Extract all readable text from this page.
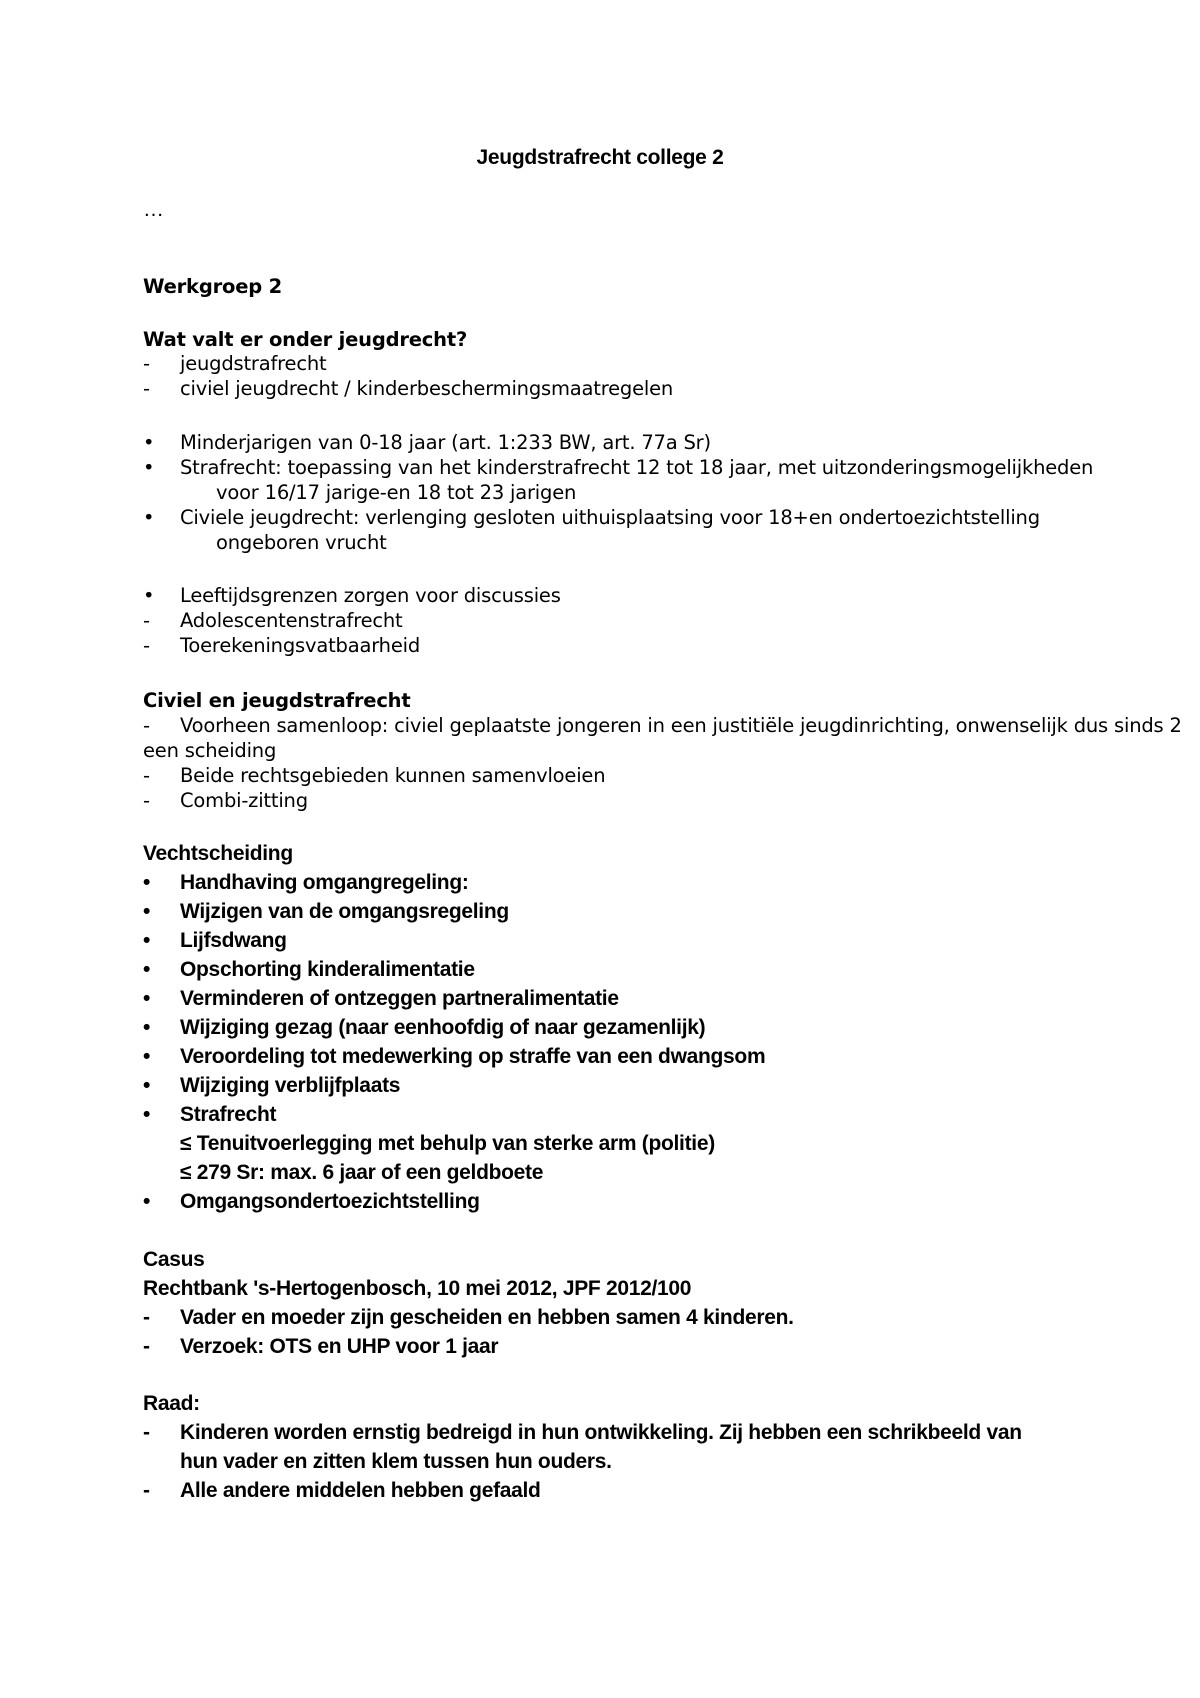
Jeugdstrafrecht college 2
…
Werkgroep 2
Wat valt er onder jeugdrecht?
- jeugdstrafrecht
- civiel jeugdrecht / kinderbeschermingsmaatregelen
• Minderjarigen van 0-18 jaar (art. 1:233 BW, art. 77a Sr)
• Strafrecht: toepassing van het kinderstrafrecht 12 tot 18 jaar, met uitzonderingsmogelijkheden
voor 16/17 jarige-en 18 tot 23 jarigen
• Civiele jeugdrecht: verlenging gesloten uithuisplaatsing voor 18+en ondertoezichtstelling
ongeboren vrucht
• Leeftijdsgrenzen zorgen voor discussies
- Adolescentenstrafrecht
- Toerekeningsvatbaarheid
Civiel en jeugdstrafrecht
- Voorheen samenloop: civiel geplaatste jongeren in een justitiële jeugdinrichting, onwenselijk dus sinds 2
een scheiding
- Beide rechtsgebieden kunnen samenvloeien
- Combi-zitting
Vechtscheiding
• Handhaving omgangregeling:
• Wijzigen van de omgangsregeling
• Lijfsdwang
• Opschorting kinderalimentatie
• Verminderen of ontzeggen partneralimentatie
• Wijziging gezag (naar eenhoofdig of naar gezamenlijk)
• Veroordeling tot medewerking op straffe van een dwangsom
• Wijziging verblijfplaats
• Strafrecht
≤ Tenuitvoerlegging met behulp van sterke arm (politie)
≤ 279 Sr: max. 6 jaar of een geldboete
• Omgangsondertoezichtstelling
Casus
Rechtbank 's-Hertogenbosch, 10 mei 2012, JPF 2012/100
- Vader en moeder zijn gescheiden en hebben samen 4 kinderen.
- Verzoek: OTS en UHP voor 1 jaar
Raad:
- Kinderen worden ernstig bedreigd in hun ontwikkeling. Zij hebben een schrikbeeld van
hun vader en zitten klem tussen hun ouders.
- Alle andere middelen hebben gefaald
